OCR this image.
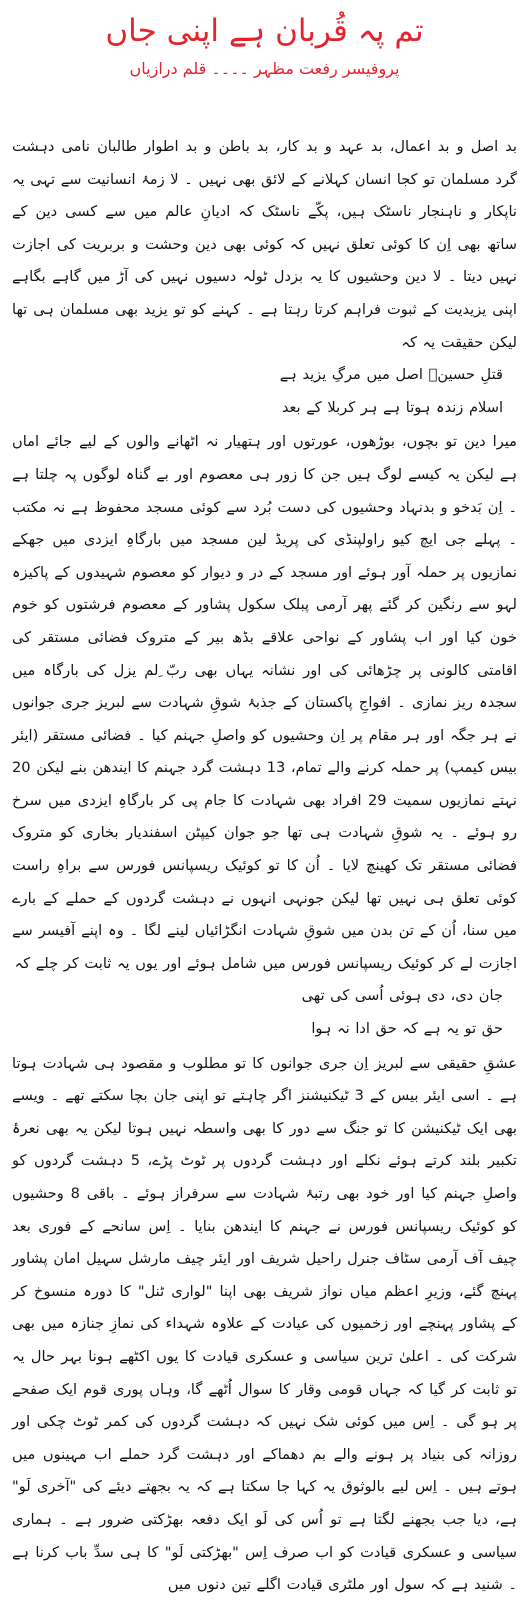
تم پہ قُربان ہے اپنی جاں
پروفیسر رفعت مظہر ۔۔۔۔ قلم درازیاں

بد اصل و بد اعمال، بد عہد و بد کار، بد باطن و بد اطوار طالبان نامی دہشت گرد مسلمان تو کجا انسان کہلانے کے لائق بھی نہیں ۔ لا زمۂ انسانیت سے تہی یہ ناپکار و ناہنجار ناسٹک ہیں، پکّے ناسٹک کہ ادیانِ عالم میں سے کسی دین کے ساتھ بھی اِن کا کوئی تعلق نہیں کہ کوئی بھی دین وحشت و بربریت کی اجازت نہیں دیتا ۔ لا دین وحشیوں کا یہ بزدل ٹولہ دسیوں نہیں کی آڑ میں گاہے بگاہے اپنی یزیدیت کے ثبوت فراہم کرتا رہتا ہے ۔ کہنے کو تو یزید بھی مسلمان ہی تھا لیکن حقیقت یہ کہ

قتلِ حسینؓ اصل میں مرگِ یزید ہے

اسلام زندہ ہوتا ہے ہر کربلا کے بعد

میرا دین تو بچوں، بوڑھوں، عورتوں اور ہتھیار نہ اٹھانے والوں کے لیے جائے اماں ہے لیکن یہ کیسے لوگ ہیں جن کا زور ہی معصوم اور بے گناہ لوگوں پہ چلتا ہے ۔ اِن بَدخو و بدنہاد وحشیوں کی دست بُرد سے کوئی مسجد محفوظ ہے نہ مکتب ۔ پہلے جی ایچ کیو راولپنڈی کی پریڈ لین مسجد میں بارگاہِ ایزدی میں جھکے نمازیوں پر حملہ آور ہوئے اور مسجد کے در و دیوار کو معصوم شہیدوں کے پاکیزہ لہو سے رنگین کر گئے پھر آرمی پبلک سکول پشاور کے معصوم فرشتوں کو خوم خون کیا اور اب پشاور کے نواحی علاقے بڈھ بیر کے متروک فضائی مستقر کی اقامتی کالونی پر چڑھائی کی اور نشانہ یہاں بھی ربّ ِلم یزل کی بارگاہ میں سجدہ ریز نمازی ۔ افواجِ پاکستان کے جذبۂ شوقِ شہادت سے لبریز جری جوانوں نے ہر جگہ اور ہر مقام پر اِن وحشیوں کو واصلِ جہنم کیا ۔ فضائی مستقر (ایئر بیس کیمپ) پر حملہ کرنے والے تمام، 13 دہشت گرد جہنم کا ایندھن بنے لیکن 20 نہتے نمازیوں سمیت 29 افراد بھی شہادت کا جام پی کر بارگاہِ ایزدی میں سرخ رو ہوئے ۔ یہ شوقِ شہادت ہی تھا جو جوان کیپٹن اسفندیار بخاری کو متروک فضائی مستقر تک کھینچ لایا ۔ اُن کا تو کوئیک ریسپانس فورس سے براہِ راست کوئی تعلق ہی نہیں تھا لیکن جونہی انہوں نے دہشت گردوں کے حملے کے بارے میں سنا، اُن کے تن بدن میں شوقِ شہادت انگڑائیاں لینے لگا ۔ وہ اپنے آفیسر سے اجازت لے کر کوئیک ریسپانس فورس میں شامل ہوئے اور یوں یہ ثابت کر چلے کہ

جان دی، دی ہوئی اُسی کی تھی

حق تو یہ ہے کہ حق ادا نہ ہوا

عشقِ حقیقی سے لبریز اِن جری جوانوں کا تو مطلوب و مقصود ہی شہادت ہوتا ہے ۔ اسی ایئر بیس کے 3 ٹیکنیشنز اگر چاہتے تو اپنی جان بچا سکتے تھے ۔ ویسے بھی ایک ٹیکنیشن کا تو جنگ سے دور کا بھی واسطہ نہیں ہوتا لیکن یہ بھی نعرۂ تکبیر بلند کرتے ہوئے نکلے اور دہشت گردوں پر ٹوٹ پڑے، 5 دہشت گردوں کو واصلِ جہنم کیا اور خود بھی رتبۂ شہادت سے سرفراز ہوئے ۔ باقی 8 وحشیوں کو کوئیک ریسپانس فورس نے جہنم کا ایندھن بنایا ۔ اِس سانحے کے فوری بعد چیف آف آرمی سٹاف جنرل راحیل شریف اور ایئر چیف مارشل سہیل امان پشاور پہنچ گئے، وزیرِ اعظم میاں نواز شریف بھی اپنا "لواری ٹنل" کا دورہ منسوخ کر کے پشاور پہنچے اور زخمیوں کی عیادت کے علاوہ شہداء کی نمازِ جنازہ میں بھی شرکت کی ۔ اعلیٰ ترین سیاسی و عسکری قیادت کا یوں اکٹھے ہونا بہر حال یہ تو ثابت کر گیا کہ جہاں قومی وقار کا سوال اُٹھے گا، وہاں پوری قوم ایک صفحے پر ہو گی ۔ اِس میں کوئی شک نہیں کہ دہشت گردوں کی کمر ٹوٹ چکی اور روزانہ کی بنیاد پر ہونے والے بم دھماکے اور دہشت گرد حملے اب مہینوں میں ہوتے ہیں ۔ اِس لیے بالوثوق یہ کہا جا سکتا ہے کہ یہ بجھتے دیئے کی "آخری لَو" ہے، دیا جب بجھنے لگتا ہے تو اُس کی لَو ایک دفعہ بھڑکتی ضرور ہے ۔ ہماری سیاسی و عسکری قیادت کو اب صرف اِس "بھڑکتی لَو" کا ہی سدِّ باب کرنا ہے ۔ شنید ہے کہ سول اور ملٹری قیادت اگلے تین دنوں میں
